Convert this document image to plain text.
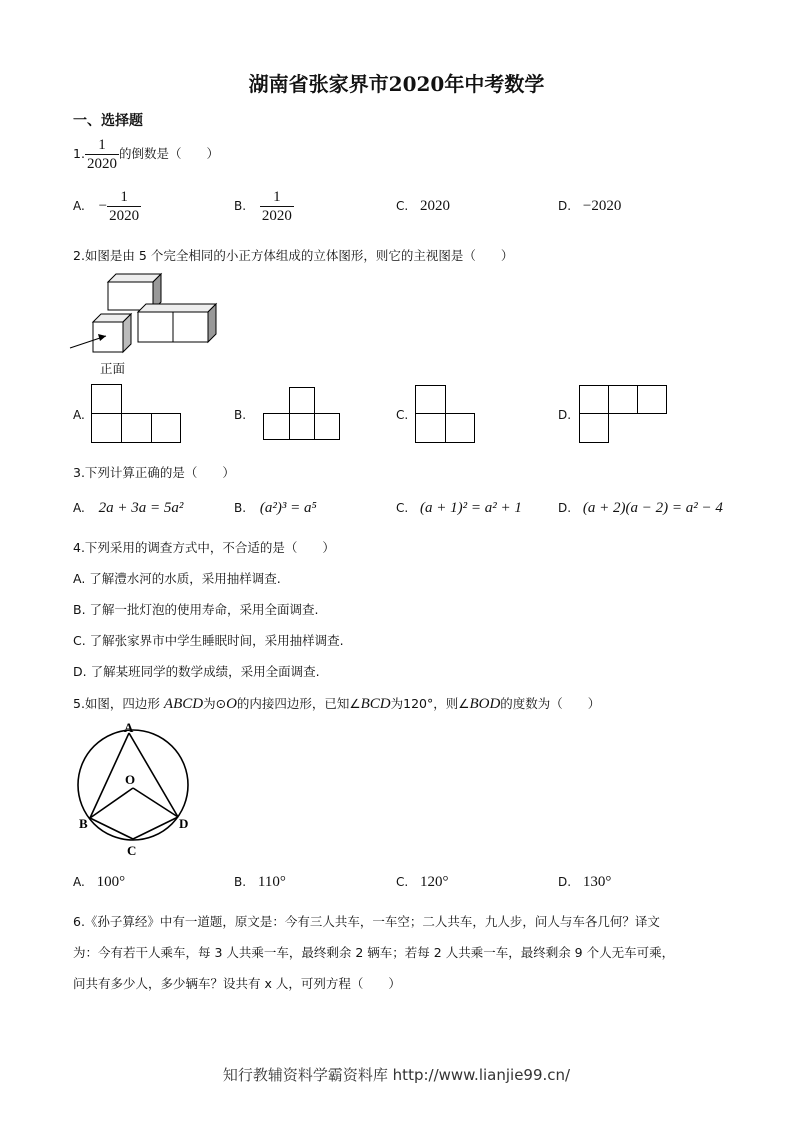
湖南省张家界市2020年中考数学
一、选择题
1. $\frac{1}{2020}$ 的倒数是（　　）
A. − $\frac{1}{2020}$	B. $\frac{1}{2020}$	C. 2020	D. −2020
2.如图是由 5 个完全相同的小正方体组成的立体图形，则它的主视图是（　　）
正面
A.	B.	C.	D.
3.下列计算正确的是（　　）
A. 2a + 3a = 5a²	B. (a²)³ = a⁵	C. (a + 1)² = a² + 1	D. (a + 2)(a − 2) = a² − 4
4.下列采用的调查方式中，不合适的是（　　）
A. 了解澧水河的水质，采用抽样调查.
B. 了解一批灯泡的使用寿命，采用全面调查.
C. 了解张家界市中学生睡眠时间，采用抽样调查.
D. 了解某班同学的数学成绩，采用全面调查.
5.如图，四边形 ABCD为⊙O的内接四边形，已知∠BCD为120°，则∠BOD的度数为（　　）
A
O
B
C
D
A. 100°	B. 110°	C. 120°	D. 130°
6.《孙子算经》中有一道题，原文是：今有三人共车，一车空；二人共车，九人步，问人与车各几何？译文
为：今有若干人乘车，每 3 人共乘一车，最终剩余 2 辆车；若每 2 人共乘一车，最终剩余 9 个人无车可乘，
问共有多少人，多少辆车？设共有 x 人，可列方程（　　）
知行教辅资料学霸资料库 http://www.lianjie99.cn/
